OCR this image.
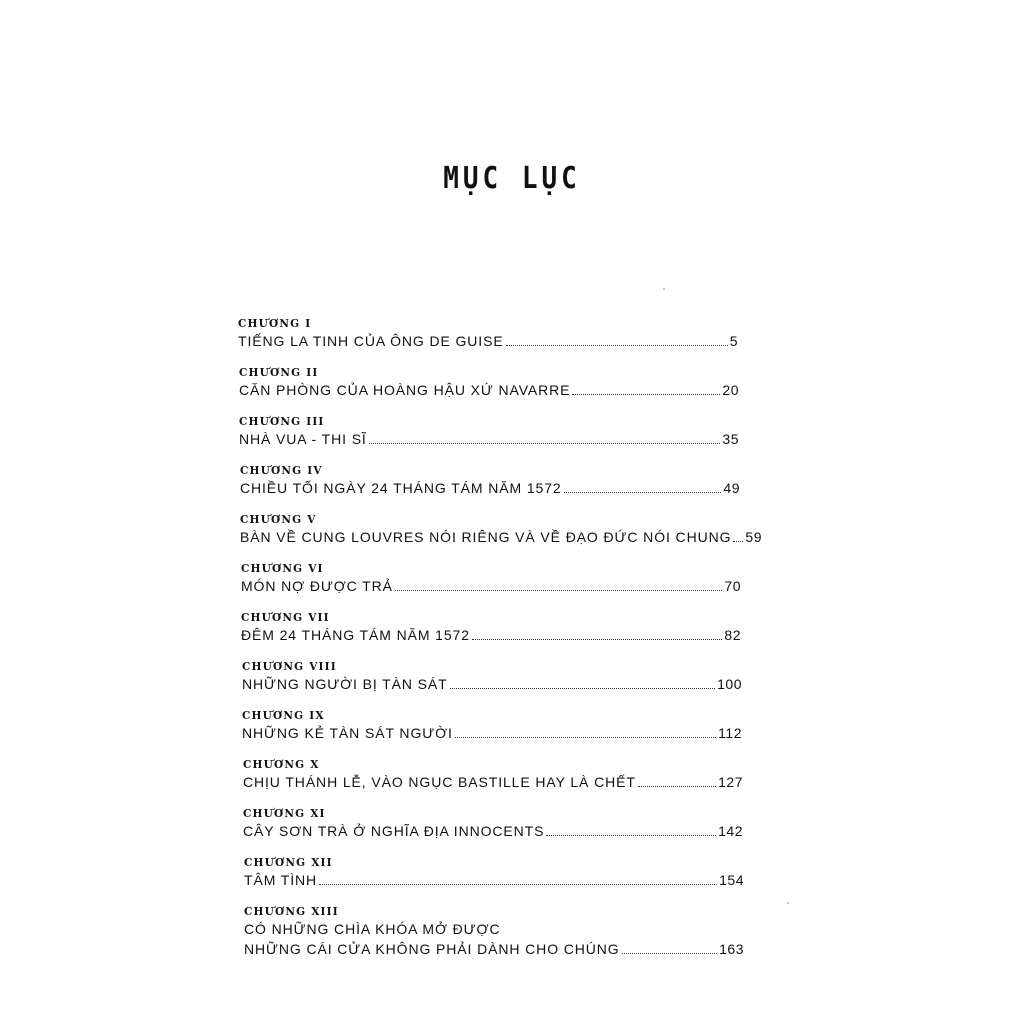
MỤC LỤC
CHƯƠNG I
TIẾNG LA TINH CỦA ÔNG DE GUISE	5
CHƯƠNG II
CĂN PHÒNG CỦA HOÀNG HẬU XỨ NAVARRE	20
CHƯƠNG III
NHÀ VUA - THI SĨ	35
CHƯƠNG IV
CHIỀU TỐI NGÀY 24 THÁNG TÁM NĂM 1572	49
CHƯƠNG V
BÀN VỀ CUNG LOUVRES NÓI RIÊNG VÀ VỀ ĐẠO ĐỨC NÓI CHUNG 59
CHƯƠNG VI
MÓN NỢ ĐƯỢC TRẢ	70
CHƯƠNG VII
ĐÊM 24 THÁNG TÁM NĂM 1572	82
CHƯƠNG VIII
NHỮNG NGƯỜI BỊ TÀN SÁT	100
CHƯƠNG IX
NHỮNG KẺ TÀN SÁT NGƯỜI	112
CHƯƠNG X
CHỊU THÁNH LỄ, VÀO NGỤC BASTILLE HAY LÀ CHẾT	127
CHƯƠNG XI
CÂY SƠN TRÀ Ở NGHĨA ĐỊA INNOCENTS	142
CHƯƠNG XII
TÂM TÌNH	154
CHƯƠNG XIII
CÓ NHỮNG CHÌA KHÓA MỞ ĐƯỢC
NHỮNG CÁI CỬA KHÔNG PHẢI DÀNH CHO CHÚNG	163
